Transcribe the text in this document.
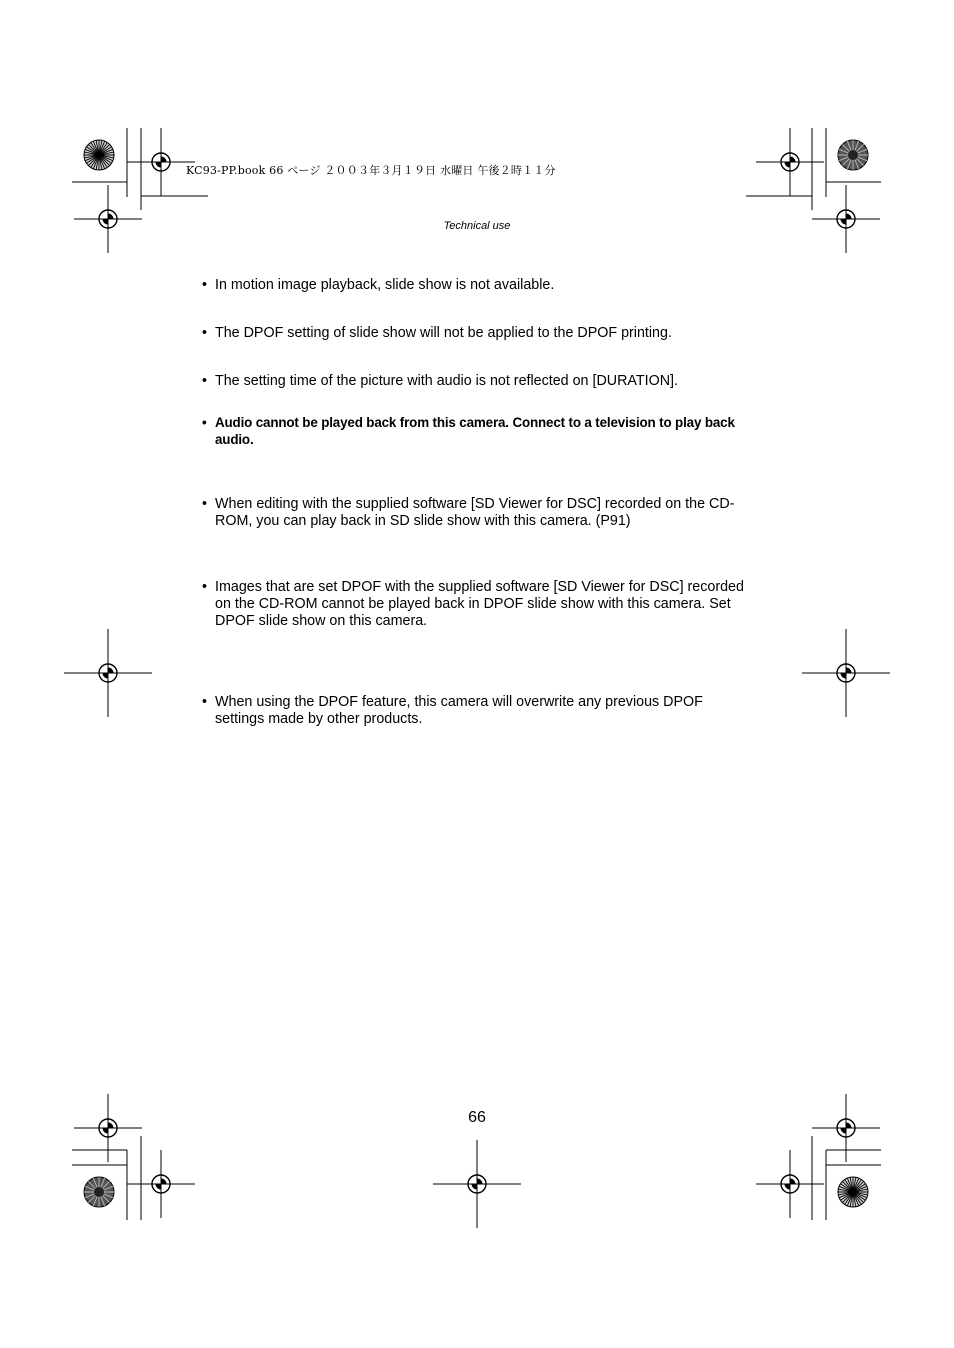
KC93-PP.book 66 ページ ２００３年３月１９日 水曜日 午後２時１１分
Technical use
• In motion image playback, slide show is not available.
• The DPOF setting of slide show will not be applied to the DPOF printing.
• The setting time of the picture with audio is not reflected on [DURATION].
• Audio cannot be played back from this camera. Connect to a television to play back audio.
• When editing with the supplied software [SD Viewer for DSC] recorded on the CD-ROM, you can play back in SD slide show with this camera. (P91)
• Images that are set DPOF with the supplied software [SD Viewer for DSC] recorded on the CD-ROM cannot be played back in DPOF slide show with this camera. Set DPOF slide show on this camera.
• When using the DPOF feature, this camera will overwrite any previous DPOF settings made by other products.
66
